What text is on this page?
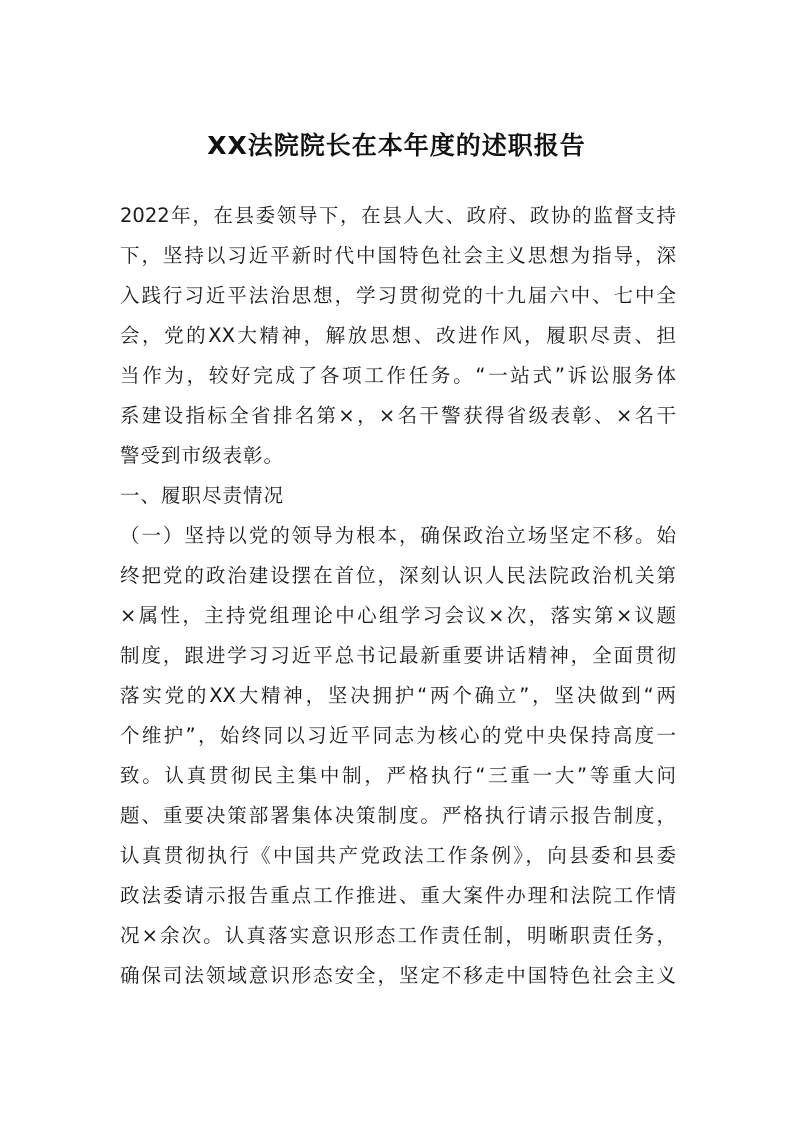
XX法院院长在本年度的述职报告
2022年，在县委领导下，在县人大、政府、政协的监督支持
下，坚持以习近平新时代中国特色社会主义思想为指导，深
入践行习近平法治思想，学习贯彻党的十九届六中、七中全
会，党的XX大精神，解放思想、改进作风，履职尽责、担
当作为，较好完成了各项工作任务。“一站式”诉讼服务体
系建设指标全省排名第×，×名干警获得省级表彰、×名干
警受到市级表彰。
一、履职尽责情况
（一）坚持以党的领导为根本，确保政治立场坚定不移。始
终把党的政治建设摆在首位，深刻认识人民法院政治机关第
×属性，主持党组理论中心组学习会议×次，落实第×议题
制度，跟进学习习近平总书记最新重要讲话精神，全面贯彻
落实党的XX大精神，坚决拥护“两个确立”，坚决做到“两
个维护”，始终同以习近平同志为核心的党中央保持高度一
致。认真贯彻民主集中制，严格执行“三重一大”等重大问
题、重要决策部署集体决策制度。严格执行请示报告制度，
认真贯彻执行《中国共产党政法工作条例》，向县委和县委
政法委请示报告重点工作推进、重大案件办理和法院工作情
况×余次。认真落实意识形态工作责任制，明晰职责任务，
确保司法领域意识形态安全，坚定不移走中国特色社会主义
